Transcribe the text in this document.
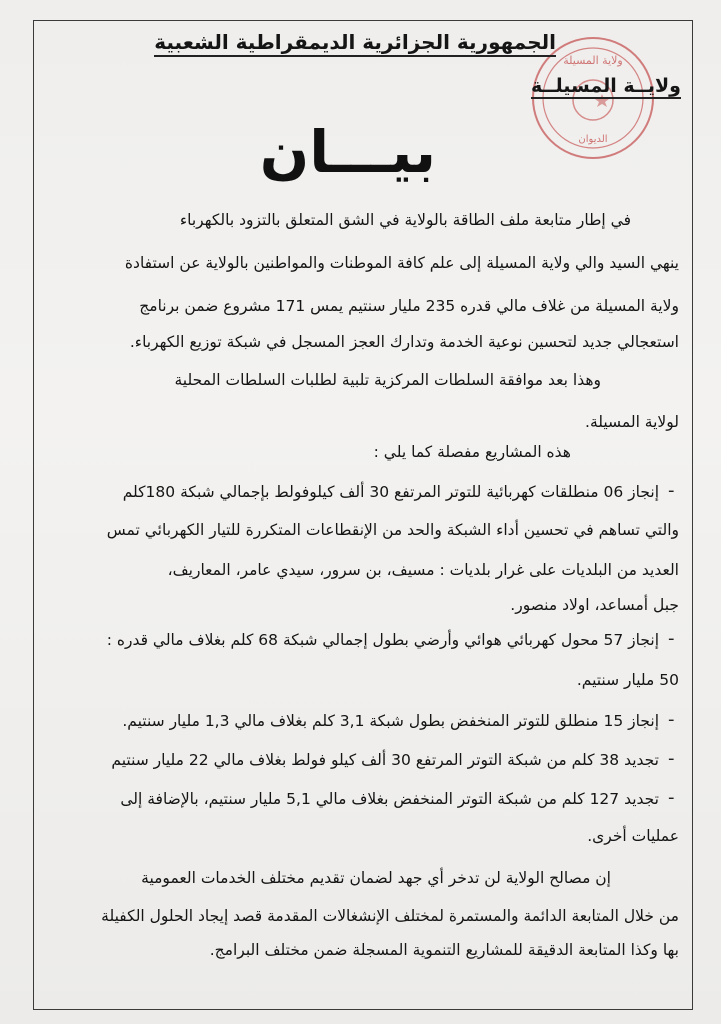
ولاية المسيلة
الديوان
الجمهورية الجزائرية الديمقراطية الشعبية
ولايــة المسيلــة
بيـــان
في إطار متابعة ملف الطاقة بالولاية في الشق المتعلق بالتزود بالكهرباء
ينهي السيد والي ولاية المسيلة إلى علم كافة الموطنات والمواطنين بالولاية عن استفادة
ولاية المسيلة من غلاف مالي قدره 235 مليار سنتيم يمس 171 مشروع ضمن برنامج
استعجالي جديد لتحسين نوعية الخدمة وتدارك العجز المسجل في شبكة توزيع الكهرباء.
وهذا بعد موافقة السلطات المركزية تلبية لطلبات السلطات المحلية
لولاية المسيلة.
هذه المشاريع مفصلة كما يلي :
-
إنجاز 06 منطلقات كهربائية للتوتر المرتفع 30 ألف كيلوفولط بإجمالي شبكة 180كلم
والتي تساهم في تحسين أداء الشبكة والحد من الإنقطاعات المتكررة للتيار الكهربائي تمس
العديد من البلديات على غرار بلديات : مسيف، بن سرور، سيدي عامر، المعاريف،
جبل أمساعد، اولاد منصور.
-
إنجاز 57 محول كهربائي هوائي وأرضي بطول إجمالي شبكة 68 كلم بغلاف مالي قدره :
50 مليار سنتيم.
-
إنجاز 15 منطلق للتوتر المنخفض بطول شبكة 3,1 كلم بغلاف مالي 1,3 مليار سنتيم.
-
تجديد 38 كلم من شبكة التوتر المرتفع 30 ألف كيلو فولط بغلاف مالي 22 مليار سنتيم
-
تجديد 127 كلم من شبكة التوتر المنخفض بغلاف مالي 5,1 مليار سنتيم، بالإضافة إلى
عمليات أخرى.
إن مصالح الولاية لن تدخر أي جهد لضمان تقديم مختلف الخدمات العمومية
من خلال المتابعة الدائمة والمستمرة لمختلف الإنشغالات المقدمة قصد إيجاد الحلول الكفيلة
بها وكذا المتابعة الدقيقة للمشاريع التنموية المسجلة ضمن مختلف البرامج.
